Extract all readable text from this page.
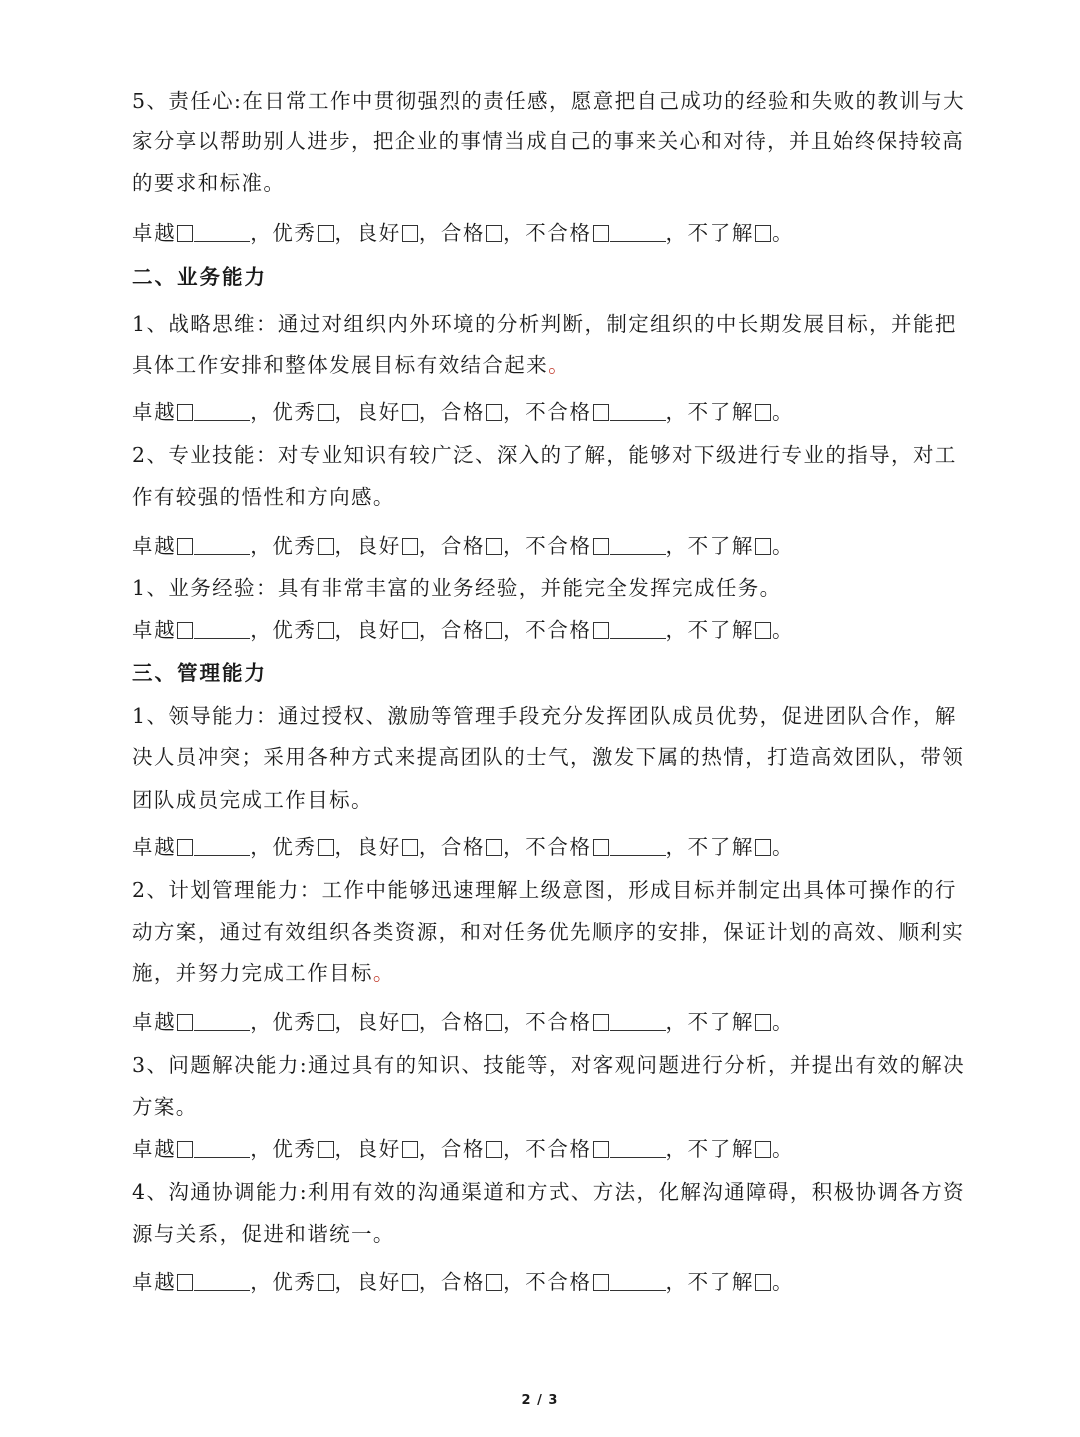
5、责任心:在日常工作中贯彻强烈的责任感，愿意把自己成功的经验和失败的教训与大
家分享以帮助别人进步，把企业的事情当成自己的事来关心和对待，并且始终保持较高
的要求和标准。
卓越	，优秀 ，良好 ，合格 ，不合格	，不了解 。
二、业务能力
1、战略思维：通过对组织内外环境的分析判断，制定组织的中长期发展目标，并能把
具体工作安排和整体发展目标有效结合起来。
卓越	，优秀 ，良好 ，合格 ，不合格	，不了解 。
2、专业技能：对专业知识有较广泛、深入的了解，能够对下级进行专业的指导，对工
作有较强的悟性和方向感。
卓越	，优秀 ，良好 ，合格 ，不合格	，不了解 。
1、业务经验：具有非常丰富的业务经验，并能完全发挥完成任务。
卓越	，优秀 ，良好 ，合格 ，不合格	，不了解 。
三、管理能力
1、领导能力：通过授权、激励等管理手段充分发挥团队成员优势，促进团队合作，解
决人员冲突；采用各种方式来提高团队的士气，激发下属的热情，打造高效团队，带领
团队成员完成工作目标。
卓越	，优秀 ，良好 ，合格 ，不合格	，不了解 。
2、计划管理能力：工作中能够迅速理解上级意图，形成目标并制定出具体可操作的行
动方案，通过有效组织各类资源，和对任务优先顺序的安排，保证计划的高效、顺利实
施，并努力完成工作目标。
卓越	，优秀 ，良好 ，合格 ，不合格	，不了解 。
3、问题解决能力:通过具有的知识、技能等，对客观问题进行分析，并提出有效的解决
方案。
卓越	，优秀 ，良好 ，合格 ，不合格	，不了解 。
4、沟通协调能力:利用有效的沟通渠道和方式、方法，化解沟通障碍，积极协调各方资
源与关系，促进和谐统一。
卓越	，优秀 ，良好 ，合格 ，不合格	，不了解 。
2 / 3
